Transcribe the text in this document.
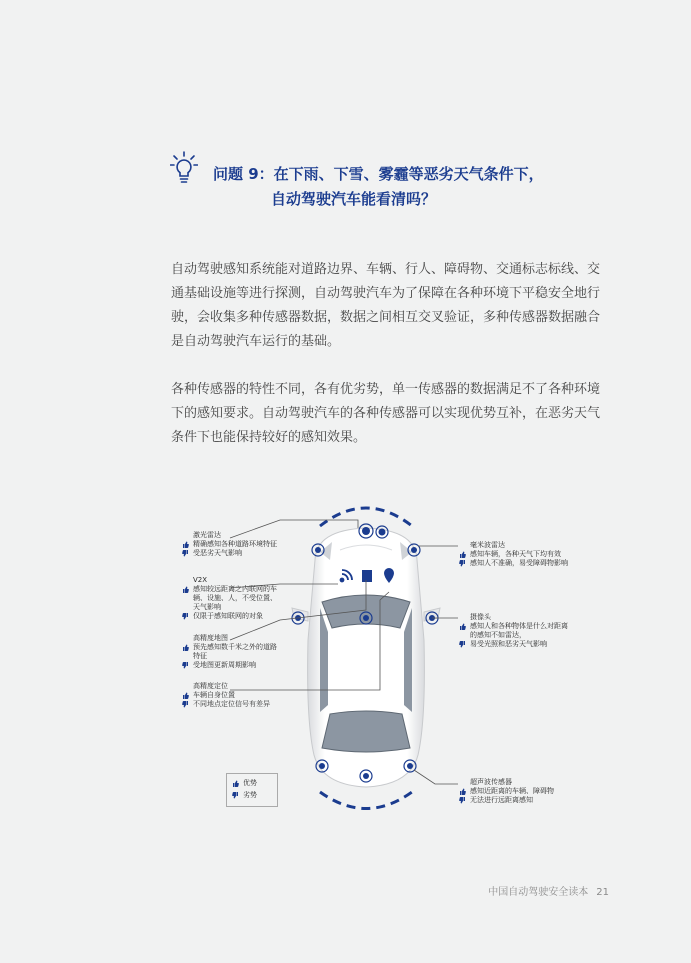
问题 9：在下雨、下雪、雾霾等恶劣天气条件下，
自动驾驶汽车能看清吗？
自动驾驶感知系统能对道路边界、车辆、行人、障碍物、交通标志标线、交通基础设施等进行探测，自动驾驶汽车为了保障在各种环境下平稳安全地行驶，会收集多种传感器数据，数据之间相互交叉验证，多种传感器数据融合是自动驾驶汽车运行的基础。
各种传感器的特性不同，各有优劣势，单一传感器的数据满足不了各种环境下的感知要求。自动驾驶汽车的各种传感器可以实现优势互补，在恶劣天气条件下也能保持较好的感知效果。
激光雷达
精确感知各种道路环境特征
受恶劣天气影响
V2X
感知较远距离之内联网的车辆、设施、人，不受位置、天气影响
仅限于感知联网的对象
高精度地图
预先感知数千米之外的道路特征
受地图更新周期影响
高精度定位
车辆自身位置
不同地点定位信号有差异
毫米波雷达
感知车辆，各种天气下均有效
感知人不准确，易受障碍物影响
摄像头
感知人和各种物体是什么对距离的感知不如雷达，
易受光照和恶劣天气影响
超声波传感器
感知近距离的车辆、障碍物
无法进行远距离感知
优势
劣势
中国自动驾驶安全读本 21
